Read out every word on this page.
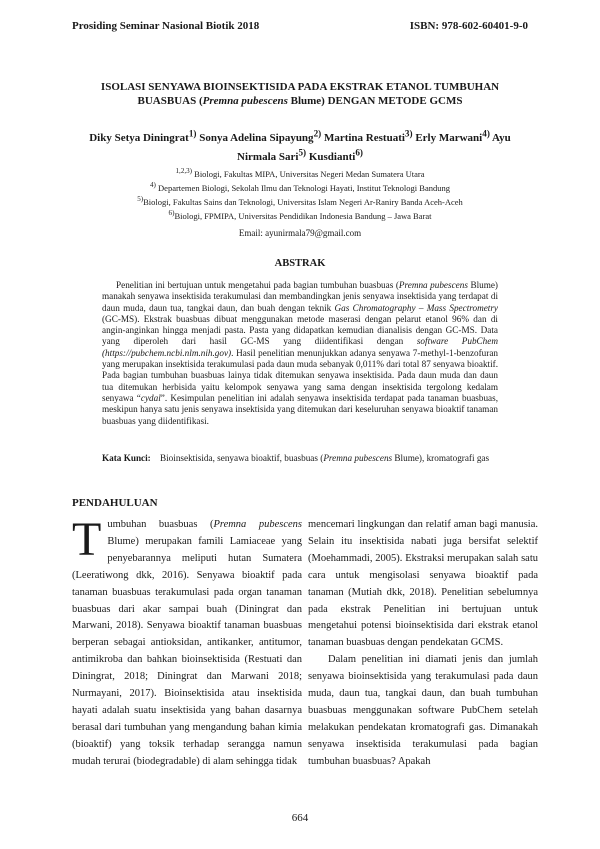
Prosiding Seminar Nasional Biotik 2018	ISBN: 978-602-60401-9-0
ISOLASI SENYAWA BIOINSEKTISIDA PADA EKSTRAK ETANOL TUMBUHAN
BUASBUAS (Premna pubescens Blume) DENGAN METODE GCMS
Diky Setya Diningrat$^{1)}$ Sonya Adelina Sipayung$^{2)}$ Martina Restuati$^{3)}$ Erly Marwani$^{4)}$ Ayu Nirmala Sari$^{5)}$ Kusdianti$^{6)}$
$^{1,2,3)}$ Biologi, Fakultas MIPA, Universitas Negeri Medan Sumatera Utara
$^{4)}$ Departemen Biologi, Sekolah Ilmu dan Teknologi Hayati, Institut Teknologi Bandung
$^{5)}$Biologi, Fakultas Sains dan Teknologi, Universitas Islam Negeri Ar-Raniry Banda Aceh-Aceh
$^{6)}$Biologi, FPMIPA, Universitas Pendidikan Indonesia Bandung – Jawa Barat
Email: ayunirmala79@gmail.com
ABSTRAK

Penelitian ini bertujuan untuk mengetahui pada bagian tumbuhan buasbuas (Premna pubescens Blume) manakah senyawa insektisida terakumulasi dan membandingkan jenis senyawa insektisida yang terdapat di daun muda, daun tua, tangkai daun, dan buah dengan teknik Gas Chromatography – Mass Spectrometry (GC-MS). Ekstrak buasbuas dibuat menggunakan metode maserasi dengan pelarut etanol 96% dan di angin-anginkan hingga menjadi pasta. Pasta yang didapatkan kemudian dianalisis dengan GC-MS. Data yang diperoleh dari hasil GC-MS yang diidentifikasi dengan software PubChem (https://pubchem.ncbi.nlm.nih.gov). Hasil penelitian menunjukkan adanya senyawa 7-methyl-1-benzofuran yang merupakan insektisida terakumulasi pada daun muda sebanyak 0,011% dari total 87 senyawa bioaktif. Pada bagian tumbuhan buasbuas lainya tidak ditemukan senyawa insektisida. Pada daun muda dan daun tua ditemukan herbisida yaitu kelompok senyawa yang sama dengan insektisida tergolong kedalam senyawa “cydal”. Kesimpulan penelitian ini adalah senyawa insektisida terdapat pada tanaman buasbuas, meskipun hanya satu jenis senyawa insektisida yang ditemukan dari keseluruhan senyawa bioaktif tanaman buasbuas yang diidentifikasi.

Kata Kunci:	Bioinsektisida, senyawa bioaktif, buasbuas (Premna pubescens Blume), kromatografi gas
PENDAHULUAN

Tumbuhan buasbuas (Premna pubescens Blume) merupakan famili Lamiaceae yang penyebarannya meliputi hutan Sumatera (Leeratiwong dkk, 2016). Senyawa bioaktif pada tanaman buasbuas terakumulasi pada organ tanaman buasbuas dari akar sampai buah (Diningrat dan Marwani, 2018). Senyawa bioaktif tanaman buasbuas berperan sebagai antioksidan, antikanker, antitumor, antimikroba dan bahkan bioinsektisida (Restuati dan Diningrat, 2018; Diningrat dan Marwani 2018; Nurmayani, 2017). Bioinsektisida atau insektisida hayati adalah suatu insektisida yang bahan dasarnya berasal dari tumbuhan yang mengandung bahan kimia (bioaktif) yang toksik terhadap serangga namun mudah terurai (biodegradable) di alam sehingga tidak

mencemari lingkungan dan relatif aman bagi manusia. Selain itu insektisida nabati juga bersifat selektif (Moehammadi, 2005). Ekstraksi merupakan salah satu cara untuk mengisolasi senyawa bioaktif pada tanaman (Mutiah dkk, 2018). Penelitian sebelumnya pada ekstrak Penelitian ini bertujuan untuk mengetahui potensi bioinsektisida dari ekstrak etanol tanaman buasbuas dengan pendekatan GCMS.

Dalam penelitian ini diamati jenis dan jumlah senyawa bioinsektisida yang terakumulasi pada daun muda, daun tua, tangkai daun, dan buah tumbuhan buasbuas menggunakan software PubChem setelah melakukan pendekatan kromatografi gas. Dimanakah senyawa insektisida terakumulasi pada bagian tumbuhan buasbuas? Apakah

664
